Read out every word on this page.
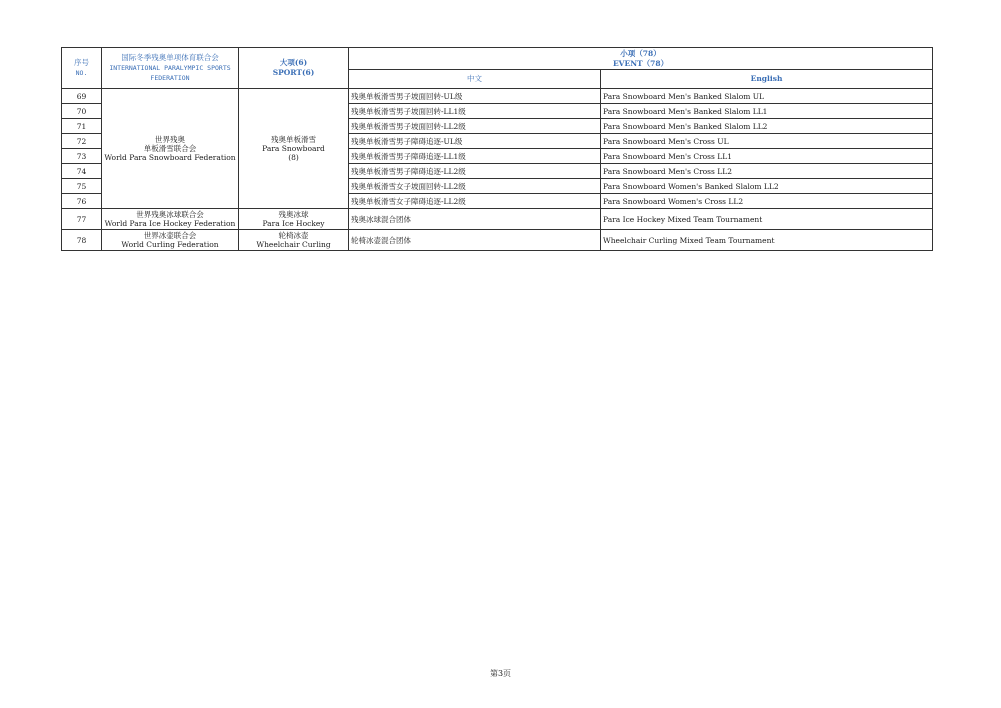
序号
NO.	国际冬季残奥单项体育联合会
INTERNATIONAL PARALYMPIC SPORTS
FEDERATION	大项(6)
SPORT(6)	小项（78）
EVENT（78）	

			中文	English
69	世界残奥
单板滑雪联合会
World Para Snowboard Federation	残奥单板滑雪
Para Snowboard
(8)	残奥单板滑雪男子坡面回转-UL级	Para Snowboard Men's Banked Slalom UL
70			残奥单板滑雪男子坡面回转-LL1级	Para Snowboard Men's Banked Slalom LL1
71			残奥单板滑雪男子坡面回转-LL2级	Para Snowboard Men's Banked Slalom LL2
72			残奥单板滑雪男子障碍追逐-UL级	Para Snowboard Men's Cross UL
73			残奥单板滑雪男子障碍追逐-LL1级	Para Snowboard Men's Cross LL1
74			残奥单板滑雪男子障碍追逐-LL2级	Para Snowboard Men's Cross LL2
75			残奥单板滑雪女子坡面回转-LL2级	Para Snowboard Women's Banked Slalom LL2
76			残奥单板滑雪女子障碍追逐-LL2级	Para Snowboard Women's Cross LL2
77	世界残奥冰球联合会
World Para Ice Hockey Federation	残奥冰球
Para Ice Hockey	残奥冰球混合团体	Para Ice Hockey Mixed Team Tournament
78	世界冰壶联合会
World Curling Federation	轮椅冰壶
Wheelchair Curling	轮椅冰壶混合团体	Wheelchair Curling Mixed Team Tournament
第3页
